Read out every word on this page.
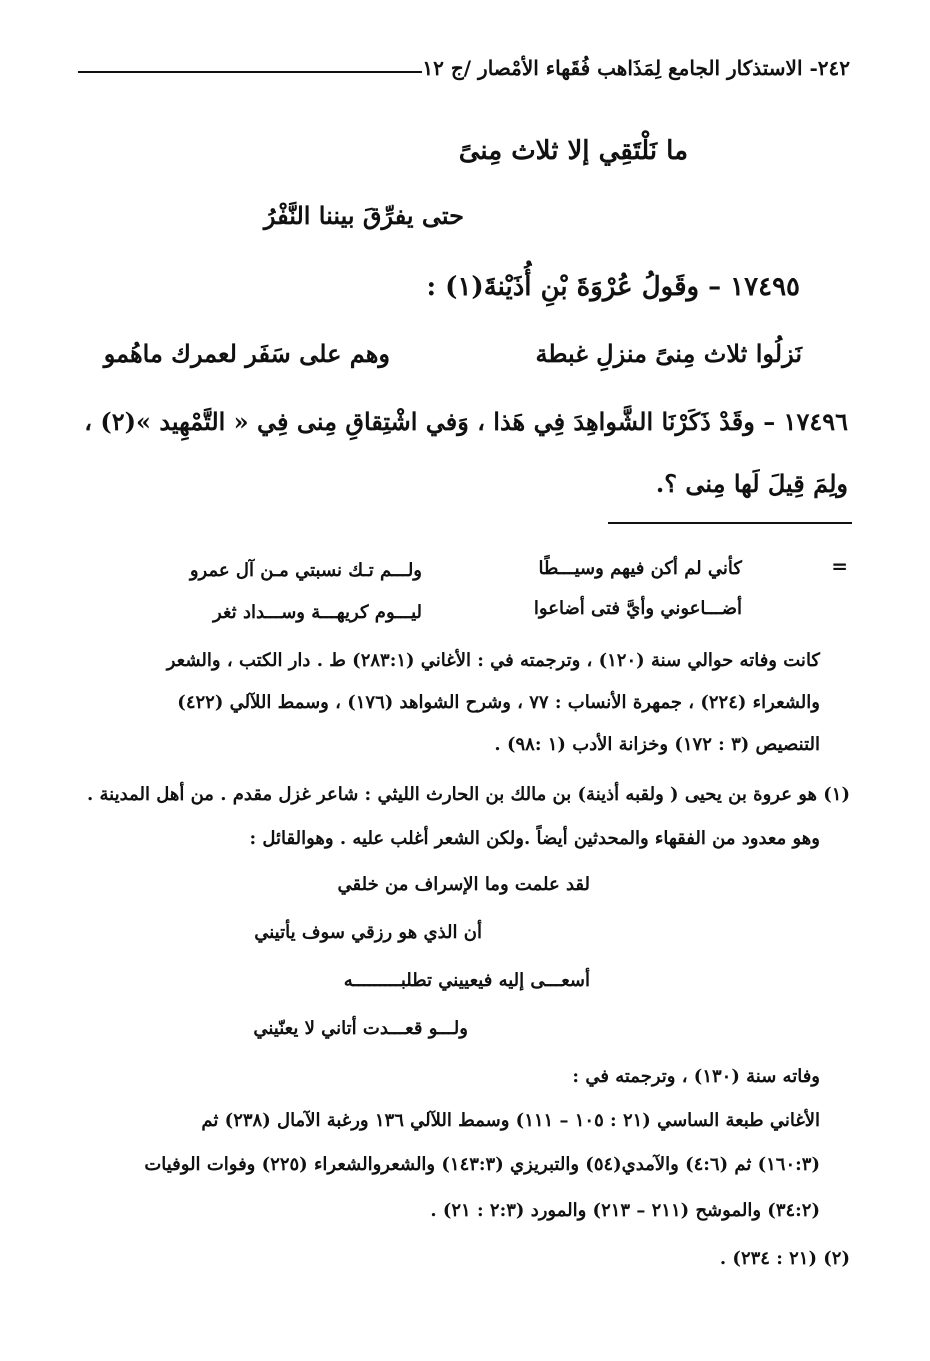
٢٤٢- الاستذكار الجامع لِمَذَاهب فُقَهاء الأمْصار /ج ١٢
ما نَلْتَقِي إلا ثلاث مِنىً
حتى يفرِّقَ بيننا النَّفْرُ
١٧٤٩٥ – وقَولُ عُرْوَةَ بْنِ أُذَيْنةَ(١) :
نَزلُوا ثلاث مِنىً منزلِ غبطة
وهم على سَفَر لعمرك ماهُمو
١٧٤٩٦ – وقَدْ ذَكَرْنَا الشَّواهِدَ فِي هَذا ، وَفي اشْتِقاقِ مِنى فِي « التَّمْهِيد »(٢) ،
ولِمَ قِيلَ لَها مِنى ؟.
=
كأني لم أكن فيهم وسيـــطًا
ولـــم تـك نسبتي مـن آل عمرو
أضـــاعوني وأيَّ فتى أضاعوا
ليـــوم كريهـــة وســـداد ثغر
كانت وفاته حوالي سنة (١٢٠) ، وترجمته في : الأغاني (٢٨٣:١) ط . دار الكتب ، والشعر
والشعراء (٢٢٤) ، جمهرة الأنساب : ٧٧ ، وشرح الشواهد (١٧٦) ، وسمط اللآلي (٤٢٢)
التنصيص (٣ : ١٧٢) وخزانة الأدب (١ :٩٨) .
(١) هو عروة بن يحيى ( ولقبه أذينة) بن مالك بن الحارث الليثي : شاعر غزل مقدم . من أهل المدينة .
وهو معدود من الفقهاء والمحدثين أيضاً .ولكن الشعر أغلب عليه . وهوالقائل :
لقد علمت وما الإسراف من خلقي
أن الذي هو رزقي سوف يأتيني
أسعـــى إليه فيعييني تطلبـــــــــه
ولـــو قعـــدت أتاني لا يعنّيني
وفاته سنة (١٣٠) ، وترجمته في :
الأغاني طبعة الساسي (٢١ : ١٠٥ – ١١١) وسمط اللآلي ١٣٦ ورغبة الآمال (٢٣٨) ثم
(١٦٠:٣) ثم (٤:٦) والآمدي(٥٤) والتبريزي (١٤٣:٣) والشعروالشعراء (٢٢٥) وفوات الوفيات
(٣٤:٢) والموشح (٢١١ – ٢١٣) والمورد (٢:٣ : ٢١) .
(٢) (٢١ : ٢٣٤) .
